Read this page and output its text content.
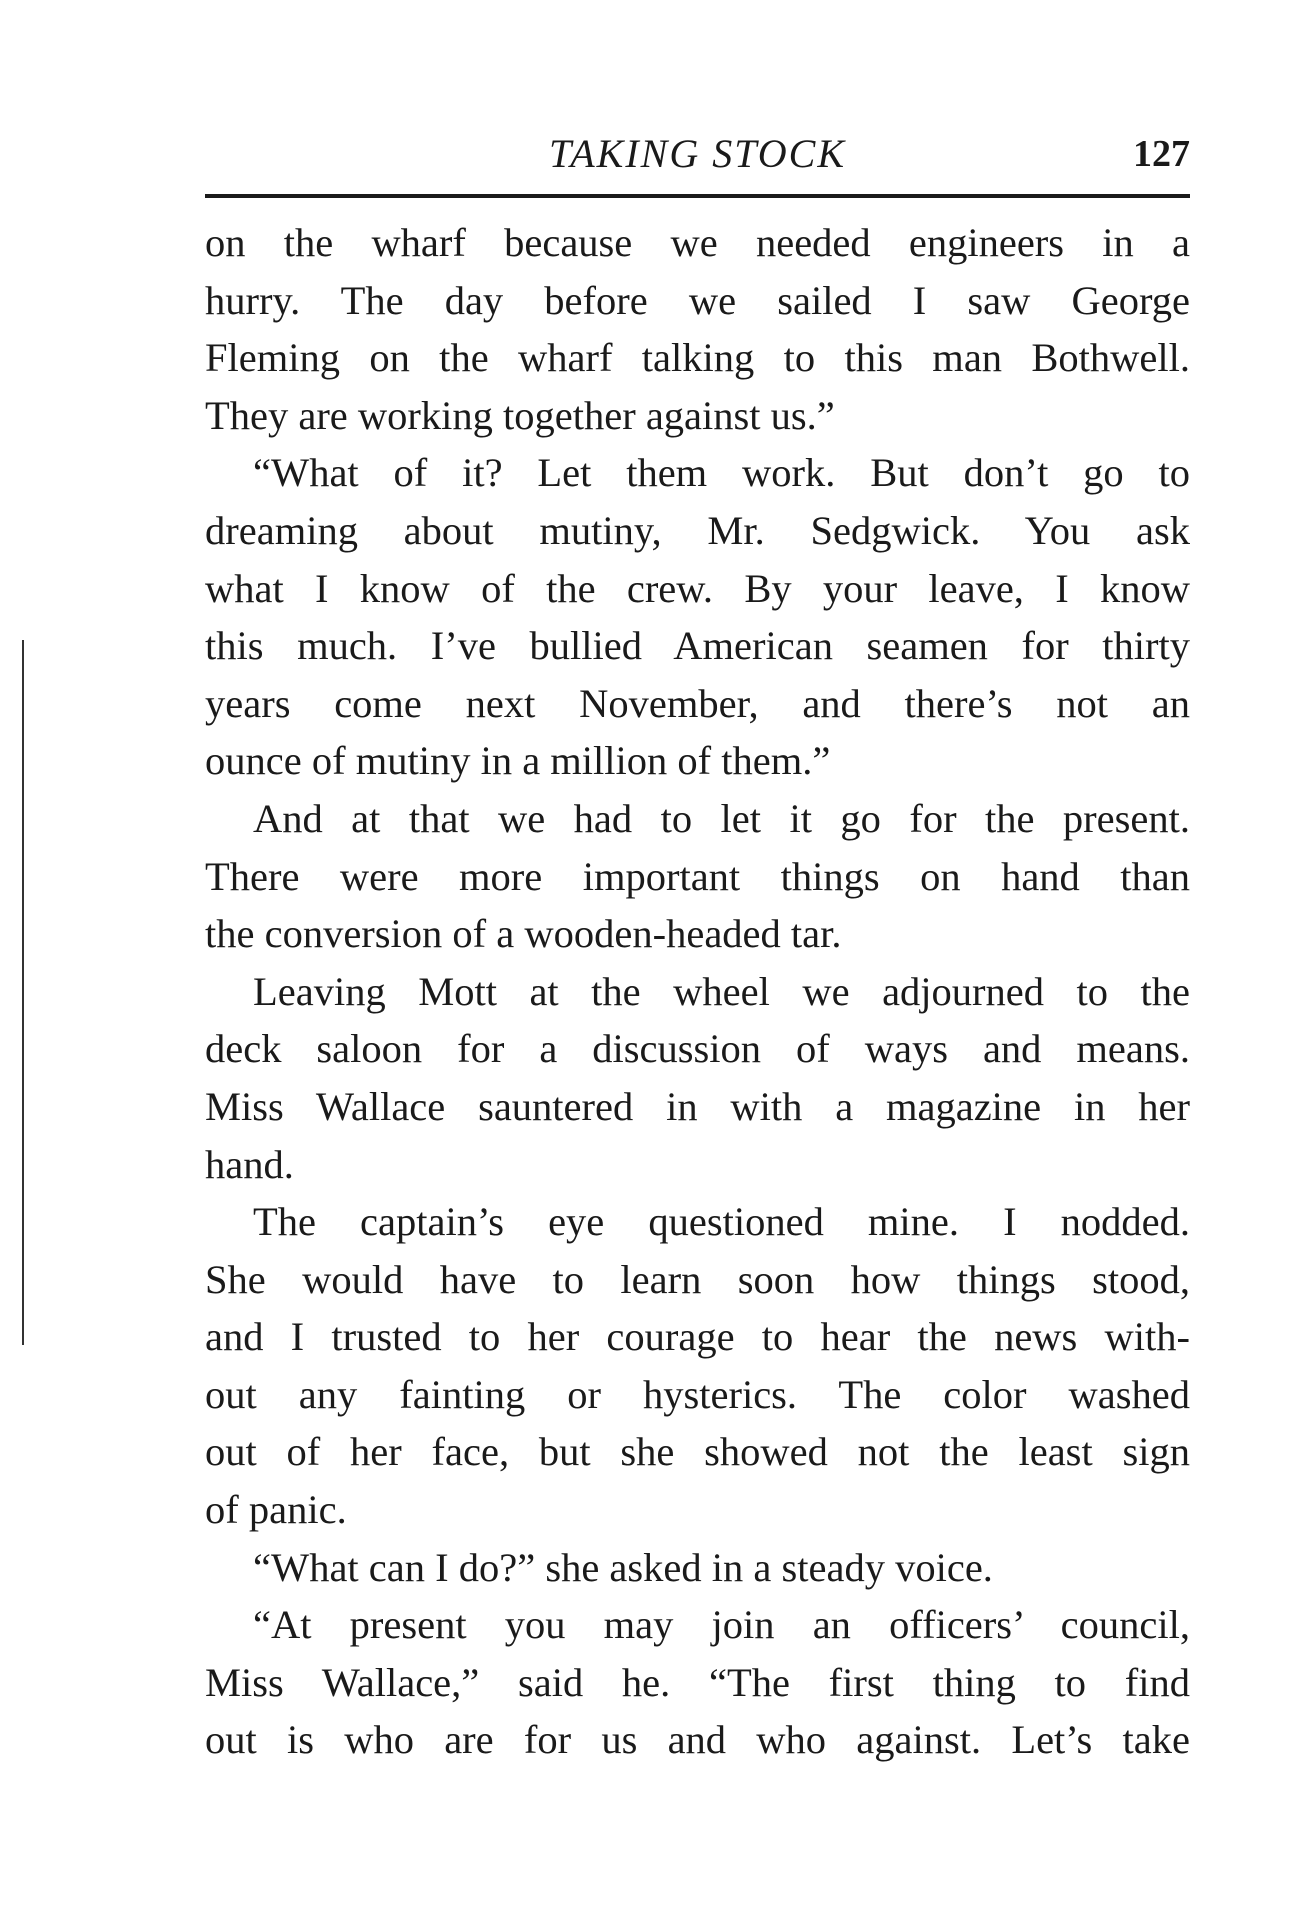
TAKING STOCK	127
on the wharf because we needed engineers in a
hurry. The day before we sailed I saw George
Fleming on the wharf talking to this man Bothwell.
They are working together against us.”
“What of it? Let them work. But don’t go to
dreaming about mutiny, Mr. Sedgwick. You ask
what I know of the crew. By your leave, I know
this much. I’ve bullied American seamen for thirty
years come next November, and there’s not an
ounce of mutiny in a million of them.”
And at that we had to let it go for the present.
There were more important things on hand than
the conversion of a wooden-headed tar.
Leaving Mott at the wheel we adjourned to the
deck saloon for a discussion of ways and means.
Miss Wallace sauntered in with a magazine in her
hand.
The captain’s eye questioned mine. I nodded.
She would have to learn soon how things stood,
and I trusted to her courage to hear the news with-
out any fainting or hysterics. The color washed
out of her face, but she showed not the least sign
of panic.
“What can I do?” she asked in a steady voice.
“At present you may join an officers’ council,
Miss Wallace,” said he. “The first thing to find
out is who are for us and who against. Let’s take
